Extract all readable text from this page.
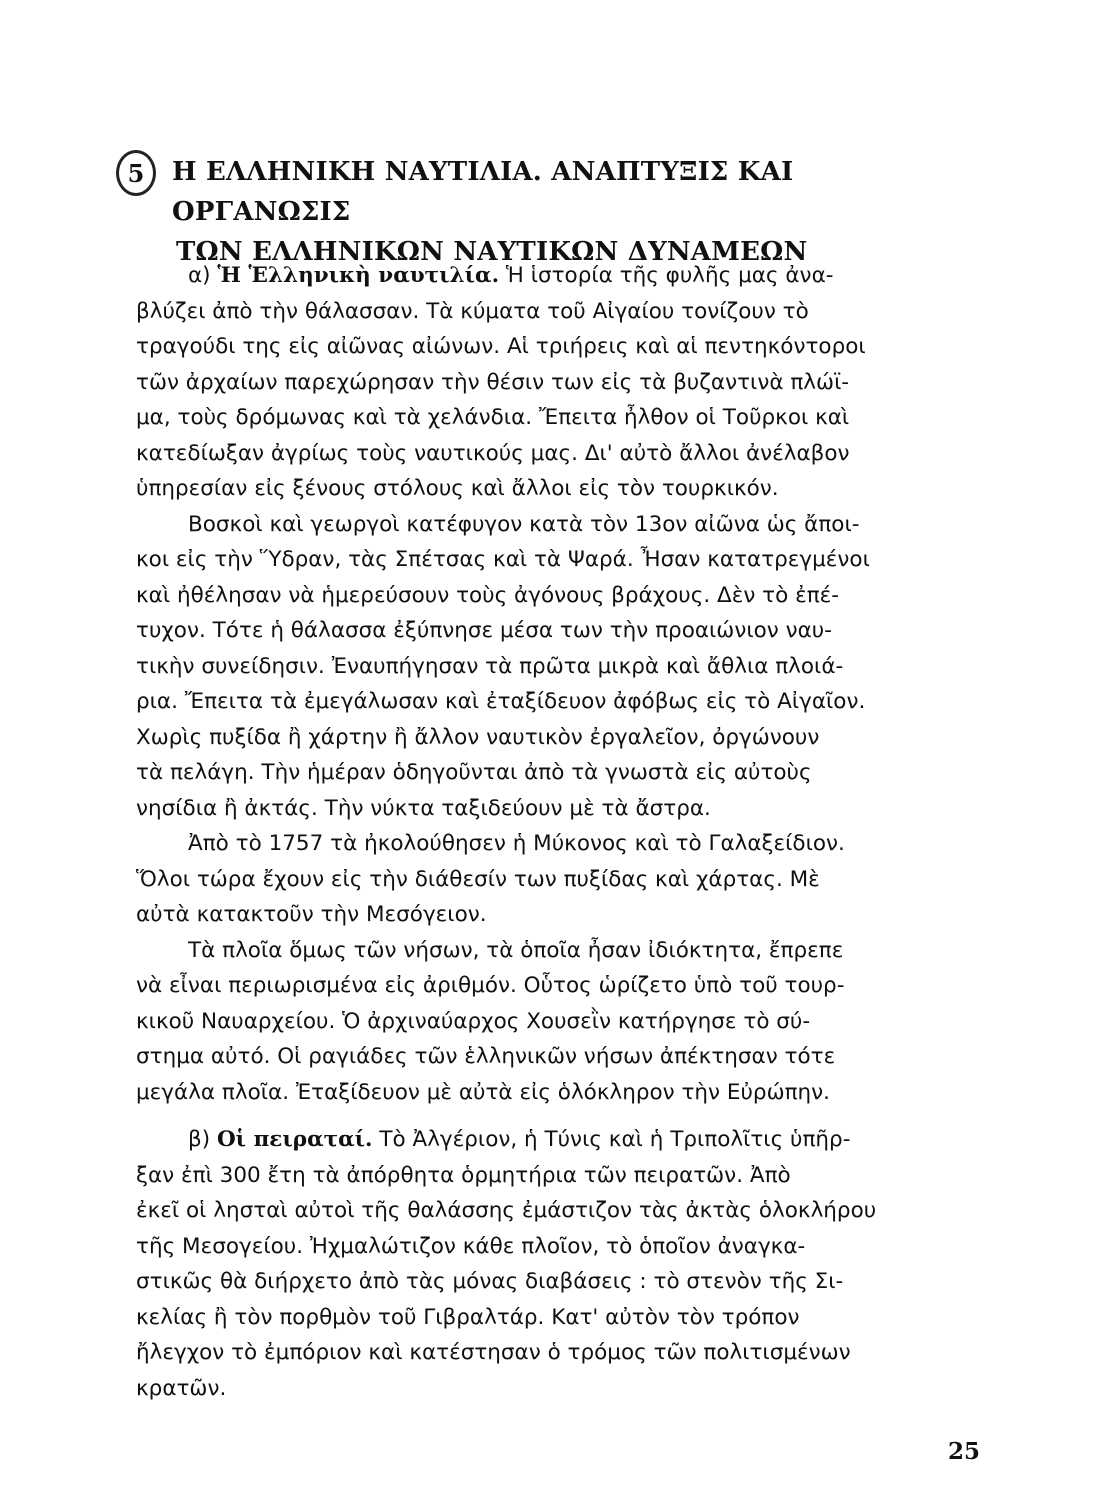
5	Η ΕΛΛΗΝΙΚΗ ΝΑΥΤΙΛΙΑ. ΑΝΑΠΤΥΞΙΣ ΚΑΙ ΟΡΓΑΝΩΣΙΣ
ΤΩΝ ΕΛΛΗΝΙΚΩΝ ΝΑΥΤΙΚΩΝ ΔΥΝΑΜΕΩΝ
α) Ἡ Ἑλληνικὴ ναυτιλία. Ἡ ἱστορία τῆς φυλῆς μας ἀνα-
βλύζει ἀπὸ τὴν θάλασσαν. Τὰ κύματα τοῦ Αἰγαίου τονίζουν τὸ
τραγούδι της εἰς αἰῶνας αἰώνων. Αἱ τριήρεις καὶ αἱ πεντηκόντοροι
τῶν ἀρχαίων παρεχώρησαν τὴν θέσιν των εἰς τὰ βυζαντινὰ πλώϊ-
μα, τοὺς δρόμωνας καὶ τὰ χελάνδια. Ἔπειτα ἦλθον οἱ Τοῦρκοι καὶ
κατεδίωξαν ἀγρίως τοὺς ναυτικούς μας. Δι' αὐτὸ ἄλλοι ἀνέλαβον
ὑπηρεσίαν εἰς ξένους στόλους καὶ ἄλλοι εἰς τὸν τουρκικόν.
Βοσκοὶ καὶ γεωργοὶ κατέφυγον κατὰ τὸν 13ον αἰῶνα ὡς ἄποι-
κοι εἰς τὴν Ὕδραν, τὰς Σπέτσας καὶ τὰ Ψαρά. Ἦσαν κατατρεγμένοι
καὶ ἠθέλησαν νὰ ἡμερεύσουν τοὺς ἀγόνους βράχους. Δὲν τὸ ἐπέ-
τυχον. Τότε ἡ θάλασσα ἐξύπνησε μέσα των τὴν προαιώνιον ναυ-
τικὴν συνείδησιν. Ἐναυπήγησαν τὰ πρῶτα μικρὰ καὶ ἄθλια πλοιά-
ρια. Ἔπειτα τὰ ἐμεγάλωσαν καὶ ἐταξίδευον ἀφόβως εἰς τὸ Αἰγαῖον.
Χωρὶς πυξίδα ἢ χάρτην ἢ ἄλλον ναυτικὸν ἐργαλεῖον, ὀργώνουν
τὰ πελάγη. Τὴν ἡμέραν ὁδηγοῦνται ἀπὸ τὰ γνωστὰ εἰς αὐτοὺς
νησίδια ἢ ἀκτάς. Τὴν νύκτα ταξιδεύουν μὲ τὰ ἄστρα.
Ἀπὸ τὸ 1757 τὰ ἠκολούθησεν ἡ Μύκονος καὶ τὸ Γαλαξείδιον.
Ὅλοι τώρα ἔχουν εἰς τὴν διάθεσίν των πυξίδας καὶ χάρτας. Μὲ
αὐτὰ κατακτοῦν τὴν Μεσόγειον.
Τὰ πλοῖα ὅμως τῶν νήσων, τὰ ὁποῖα ἦσαν ἰδιόκτητα, ἔπρεπε
νὰ εἶναι περιωρισμένα εἰς ἀριθμόν. Οὗτος ὡρίζετο ὑπὸ τοῦ τουρ-
κικοῦ Ναυαρχείου. Ὁ ἀρχιναύαρχος Χουσεῒν κατήργησε τὸ σύ-
στημα αὐτό. Οἱ ραγιάδες τῶν ἑλληνικῶν νήσων ἀπέκτησαν τότε
μεγάλα πλοῖα. Ἐταξίδευον μὲ αὐτὰ εἰς ὁλόκληρον τὴν Εὐρώπην.
β) Οἱ πειραταί. Τὸ Ἀλγέριον, ἡ Τύνις καὶ ἡ Τριπολῖτις ὑπῆρ-
ξαν ἐπὶ 300 ἔτη τὰ ἀπόρθητα ὁρμητήρια τῶν πειρατῶν. Ἀπὸ
ἐκεῖ οἱ λησταὶ αὐτοὶ τῆς θαλάσσης ἐμάστιζον τὰς ἀκτὰς ὁλοκλήρου
τῆς Μεσογείου. Ἠχμαλώτιζον κάθε πλοῖον, τὸ ὁποῖον ἀναγκα-
στικῶς θὰ διήρχετο ἀπὸ τὰς μόνας διαβάσεις : τὸ στενὸν τῆς Σι-
κελίας ἢ τὸν πορθμὸν τοῦ Γιβραλτάρ. Κατ' αὐτὸν τὸν τρόπον
ἤλεγχον τὸ ἐμπόριον καὶ κατέστησαν ὁ τρόμος τῶν πολιτισμένων
κρατῶν.
25
